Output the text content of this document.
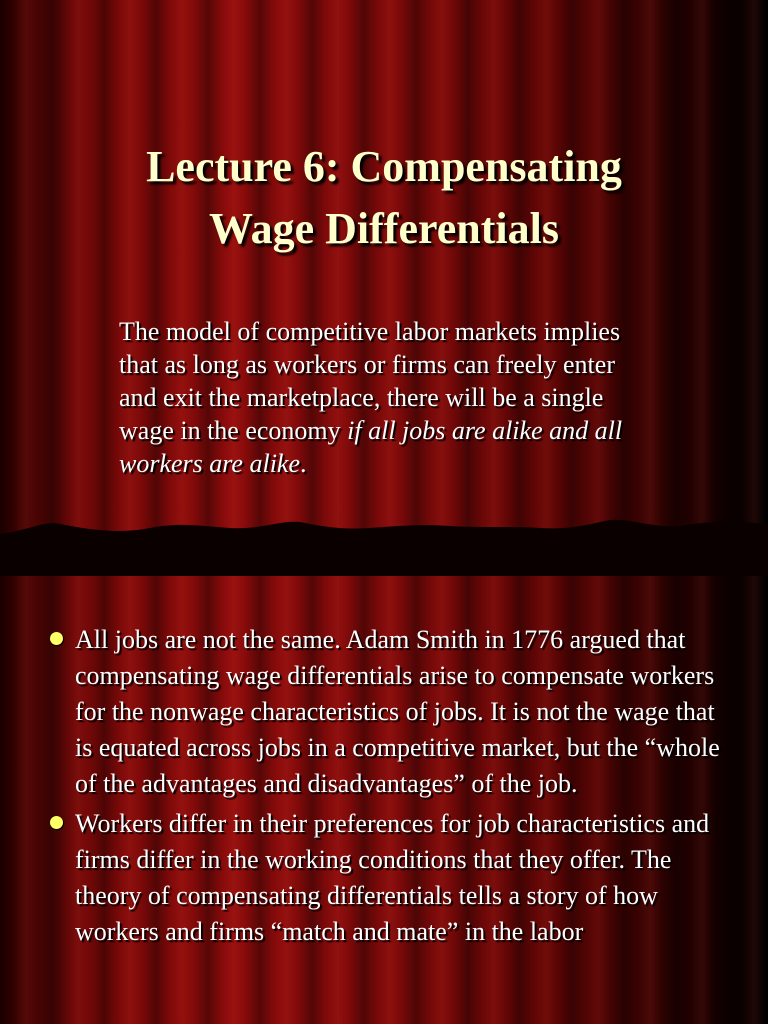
Lecture 6: Compensating
Wage Differentials

The model of competitive labor markets implies that as long as workers or firms can freely enter and exit the marketplace, there will be a single wage in the economy if all jobs are alike and all workers are alike.

All jobs are not the same. Adam Smith in 1776 argued that compensating wage differentials arise to compensate workers for the nonwage characteristics of jobs. It is not the wage that is equated across jobs in a competitive market, but the “whole of the advantages and disadvantages” of the job.
Workers differ in their preferences for job characteristics and firms differ in the working conditions that they offer. The theory of compensating differentials tells a story of how workers and firms “match and mate” in the labor
